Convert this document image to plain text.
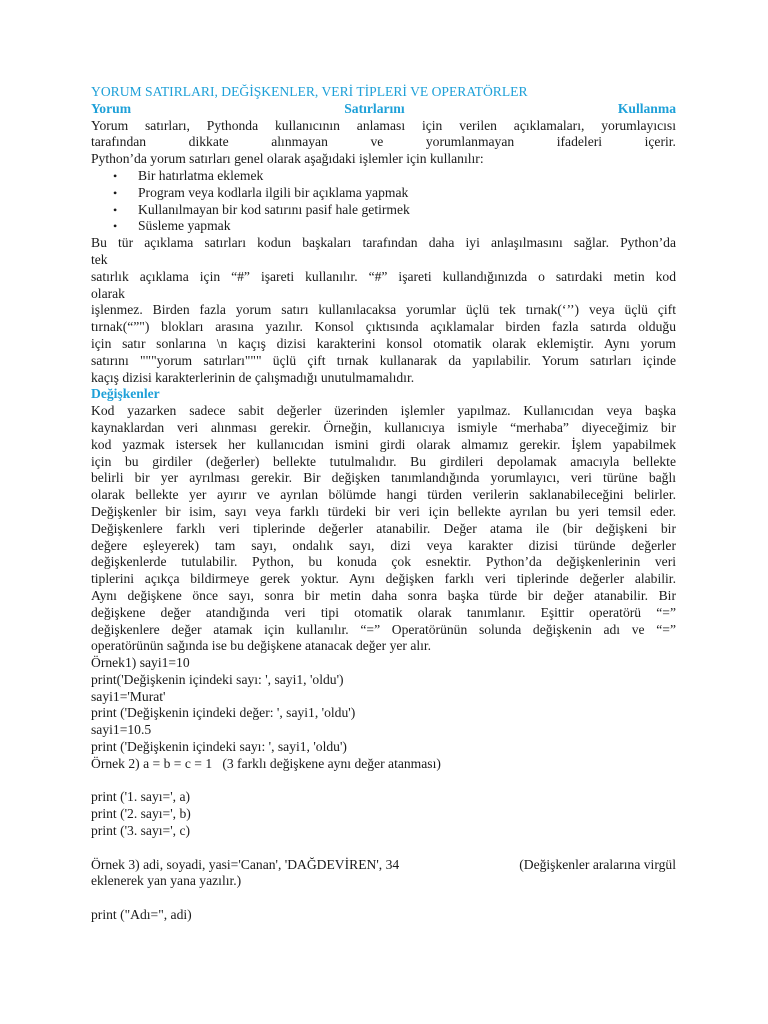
YORUM SATIRLARI, DEĞİŞKENLER, VERİ TİPLERİ VE OPERATÖRLER
Yorum	Satırlarını	Kullanma
Yorum satırları, Pythonda kullanıcının anlaması için verilen açıklamaları, yorumlayıcısı
tarafından	dikkate	alınmayan	ve	yorumlanmayan	ifadeleri	içerir.
Python’da yorum satırları genel olarak aşağıdaki işlemler için kullanılır:
• Bir hatırlatma eklemek
• Program veya kodlarla ilgili bir açıklama yapmak
• Kullanılmayan bir kod satırını pasif hale getirmek
• Süsleme yapmak
Bu tür açıklama satırları kodun başkaları tarafından daha iyi anlaşılmasını sağlar. Python’da
tek
satırlık açıklama için “#” işareti kullanılır. “#” işareti kullandığınızda o satırdaki metin kod
olarak
işlenmez. Birden fazla yorum satırı kullanılacaksa yorumlar üçlü tek tırnak(‘’’) veya üçlü çift
tırnak(“”") blokları arasına yazılır. Konsol çıktısında açıklamalar birden fazla satırda olduğu
için satır sonlarına \n kaçış dizisi karakterini konsol otomatik olarak eklemiştir. Aynı yorum
satırını """yorum satırları""" üçlü çift tırnak kullanarak da yapılabilir. Yorum satırları içinde
kaçış dizisi karakterlerinin de çalışmadığı unutulmamalıdır.
Değişkenler
Kod yazarken sadece sabit değerler üzerinden işlemler yapılmaz. Kullanıcıdan veya başka
kaynaklardan veri alınması gerekir. Örneğin, kullanıcıya ismiyle “merhaba” diyeceğimiz bir
kod yazmak istersek her kullanıcıdan ismini girdi olarak almamız gerekir. İşlem yapabilmek
için bu girdiler (değerler) bellekte tutulmalıdır. Bu girdileri depolamak amacıyla bellekte
belirli bir yer ayrılması gerekir. Bir değişken tanımlandığında yorumlayıcı, veri türüne bağlı
olarak bellekte yer ayırır ve ayrılan bölümde hangi türden verilerin saklanabileceğini belirler.
Değişkenler bir isim, sayı veya farklı türdeki bir veri için bellekte ayrılan bu yeri temsil eder.
Değişkenlere farklı veri tiplerinde değerler atanabilir. Değer atama ile (bir değişkeni bir
değere eşleyerek) tam sayı, ondalık sayı, dizi veya karakter dizisi türünde değerler
değişkenlerde tutulabilir. Python, bu konuda çok esnektir. Python’da değişkenlerinin veri
tiplerini açıkça bildirmeye gerek yoktur. Aynı değişken farklı veri tiplerinde değerler alabilir.
Aynı değişkene önce sayı, sonra bir metin daha sonra başka türde bir değer atanabilir. Bir
değişkene değer atandığında veri tipi otomatik olarak tanımlanır. Eşittir operatörü “=”
değişkenlere değer atamak için kullanılır. “=” Operatörünün solunda değişkenin adı ve “=”
operatörünün sağında ise bu değişkene atanacak değer yer alır.
Örnek1) sayi1=10
print('Değişkenin içindeki sayı: ', sayi1, 'oldu')
sayi1='Murat'
print ('Değişkenin içindeki değer: ', sayi1, 'oldu')
sayi1=10.5
print ('Değişkenin içindeki sayı: ', sayi1, 'oldu')
Örnek 2) a = b = c = 1   (3 farklı değişkene aynı değer atanması)
print ('1. sayı=', a)
print ('2. sayı=', b)
print ('3. sayı=', c)
Örnek 3) adi, soyadi, yasi='Canan', 'DAĞDEVİREN', 34	(Değişkenler aralarına virgül
eklenerek yan yana yazılır.)
print ("Adı=", adi)
